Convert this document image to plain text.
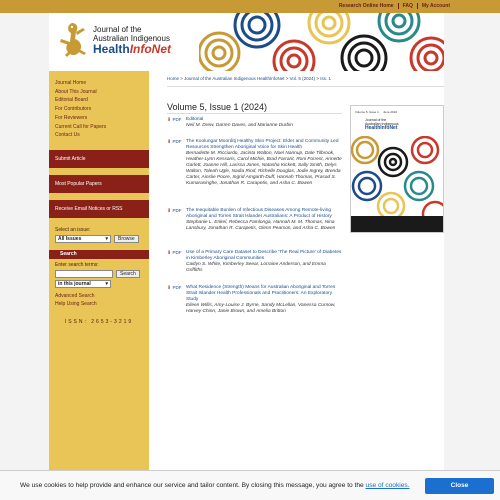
Research Online Home	FAQ	My Account
Journal of the
Australian Indigenous
HealthInfoNet
Journal Home
About This Journal
Editorial Board
For Contributors
For Reviewers
Current Call for Papers
Contact Us
Submit Article
Most Popular Papers
Receive Email Notices or RSS
Select an issue:
All Issues	▾	Browse
Search
Enter search terms:
Search
in this journal	▾
Advanced Search
Help Using Search
ISSN: 2653-3219
Home > Journal of the Australian Indigenous HealthInfoNet > Vol. 5 (2024) > Iss. 1
Volume 5, Issue 1 (2024)	Volume 5, Issue 1 June 2024
Journal of the
Australian Indigenous
HealthInfoNet
⬇ PDF Editorial
Neil M. Drew, Darren Daves, and Marianne Durbin
⬇ PDF The Koolungar Moorditj Healthy Skin Project: Elder and Community Led Resources Strengthen Aboriginal Voice for Skin Health
Bernadette M. Ricciardo, Jacinta Walton, Noel Nannup, Dale Tilbrook, Heather-Lynn Kessaris, Carol Michie, Brad Farrant, Roni Forrest, Annette Garlett, Joanne Hill, Larissa Jones, Natasha Kickett, Sally Smith, Delys Walton, Taleah Ugle, Nadia Rind, Richelle Douglas, Jodie Ingrey, Brenda Carter, Ainslie Poore, Ingrid Amgarth-Duff, Hannah Thomas, Prasad S. Kumarasinghe, Jonathan R. Carapetis, and Asha C. Bowen
⬇ PDF The Inequitable Burden of Infectious Diseases Among Remote-living Aboriginal and Torres Strait Islander Australians: A Product of History
Stephanie L. Enkel, Rebecca Famlonga, Hannah M. M. Thomas, Nina Lansbury, Jonathan R. Carapetis, Glenn Pearson, and Asha C. Bowen
⬇ PDF Use of a Primary Care Dataset to Describe 'The Real Picture' of Diabetes in Kimberley Aboriginal Communities
Caitlyn S. White, Kimberley Seear, Lorraine Anderson, and Emma Griffiths
⬇ PDF What Residence (Strength) Means for Australian Aboriginal and Torres Strait Islander Health Professionals and Practitioners: An Exploratory Study
Eileen Willis, Amy-Louise J. Byrne, Sandy McLellan, Vanessa Curnow, Harvey Chinn, Janie Brown, and Amelia Britton
We use cookies to help provide and enhance our service and tailor content. By closing this message, you agree to the use of cookies.	Close
